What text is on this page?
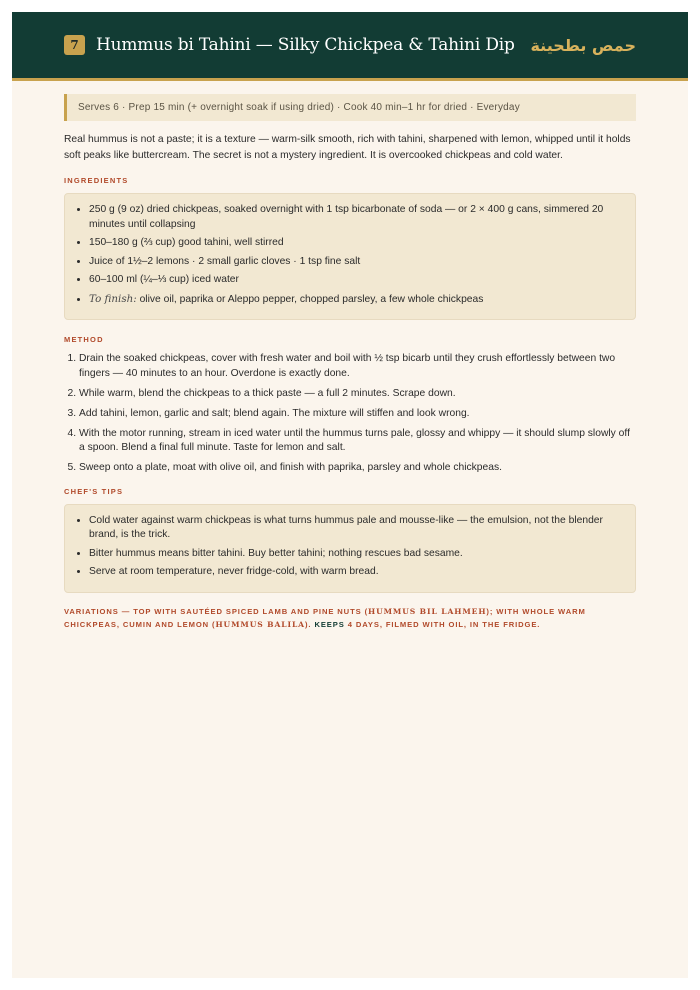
7	Hummus bi Tahini — Silky Chickpea & Tahini Dip حمص بطحينة
Serves 6 · Prep 15 min (+ overnight soak if using dried) · Cook 40 min–1 hr for dried · Everyday

Real hummus is not a paste; it is a texture — warm-silk smooth, rich with tahini, sharpened with lemon, whipped until it holds soft peaks like buttercream. The secret is not a mystery ingredient. It is overcooked chickpeas and cold water.

INGREDIENTS
• 250 g (9 oz) dried chickpeas, soaked overnight with 1 tsp bicarbonate of soda — or 2 × 400 g cans, simmered 20 minutes until collapsing
• 150–180 g (⅔ cup) good tahini, well stirred
• Juice of 1½–2 lemons · 2 small garlic cloves · 1 tsp fine salt
• 60–100 ml (¼–⅓ cup) iced water
• To finish: olive oil, paprika or Aleppo pepper, chopped parsley, a few whole chickpeas
METHOD
1. Drain the soaked chickpeas, cover with fresh water and boil with ½ tsp bicarb until they crush effortlessly between two fingers — 40 minutes to an hour. Overdone is exactly done.
2. While warm, blend the chickpeas to a thick paste — a full 2 minutes. Scrape down.
3. Add tahini, lemon, garlic and salt; blend again. The mixture will stiffen and look wrong.
4. With the motor running, stream in iced water until the hummus turns pale, glossy and whippy — it should slump slowly off a spoon. Blend a final full minute. Taste for lemon and salt.
5. Sweep onto a plate, moat with olive oil, and finish with paprika, parsley and whole chickpeas.
CHEF'S TIPS
• Cold water against warm chickpeas is what turns hummus pale and mousse-like — the emulsion, not the blender brand, is the trick.
• Bitter hummus means bitter tahini. Buy better tahini; nothing rescues bad sesame.
• Serve at room temperature, never fridge-cold, with warm bread.
VARIATIONS — TOP WITH SAUTÉED SPICED LAMB AND PINE NUTS (HUMMUS BIL LAHMEH); WITH WHOLE WARM CHICKPEAS, CUMIN AND LEMON (HUMMUS BALILA). KEEPS 4 DAYS, FILMED WITH OIL, IN THE FRIDGE.
